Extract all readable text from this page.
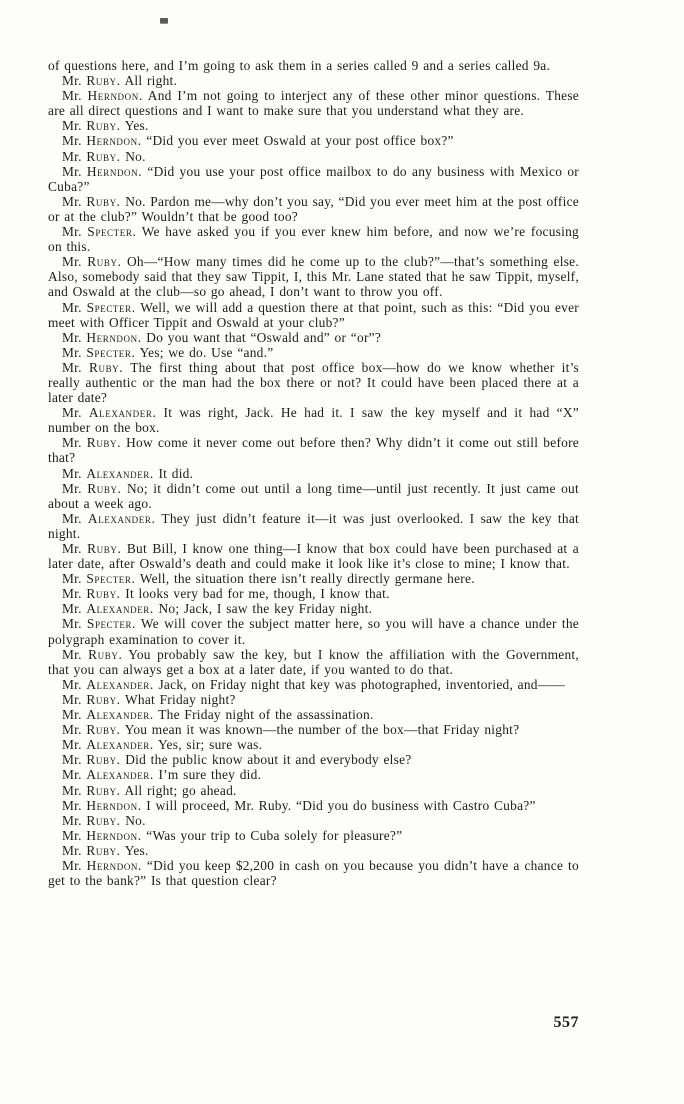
of questions here, and I’m going to ask them in a series called 9 and a series called 9a.

Mr. Ruby. All right.

Mr. Herndon. And I’m not going to interject any of these other minor questions. These are all direct questions and I want to make sure that you understand what they are.

Mr. Ruby. Yes.

Mr. Herndon. “Did you ever meet Oswald at your post office box?”

Mr. Ruby. No.

Mr. Herndon. “Did you use your post office mailbox to do any business with Mexico or Cuba?”

Mr. Ruby. No. Pardon me—why don’t you say, “Did you ever meet him at the post office or at the club?” Wouldn’t that be good too?

Mr. Specter. We have asked you if you ever knew him before, and now we’re focusing on this.

Mr. Ruby. Oh—“How many times did he come up to the club?”—that’s something else. Also, somebody said that they saw Tippit, I, this Mr. Lane stated that he saw Tippit, myself, and Oswald at the club—so go ahead, I don’t want to throw you off.

Mr. Specter. Well, we will add a question there at that point, such as this: “Did you ever meet with Officer Tippit and Oswald at your club?”

Mr. Herndon. Do you want that “Oswald and” or “or”?

Mr. Specter. Yes; we do. Use “and.”

Mr. Ruby. The first thing about that post office box—how do we know whether it’s really authentic or the man had the box there or not? It could have been placed there at a later date?

Mr. Alexander. It was right, Jack. He had it. I saw the key myself and it had “X” number on the box.

Mr. Ruby. How come it never come out before then? Why didn’t it come out still before that?

Mr. Alexander. It did.

Mr. Ruby. No; it didn’t come out until a long time—until just recently. It just came out about a week ago.

Mr. Alexander. They just didn’t feature it—it was just overlooked. I saw the key that night.

Mr. Ruby. But Bill, I know one thing—I know that box could have been purchased at a later date, after Oswald’s death and could make it look like it’s close to mine; I know that.

Mr. Specter. Well, the situation there isn’t really directly germane here.

Mr. Ruby. It looks very bad for me, though, I know that.

Mr. Alexander. No; Jack, I saw the key Friday night.

Mr. Specter. We will cover the subject matter here, so you will have a chance under the polygraph examination to cover it.

Mr. Ruby. You probably saw the key, but I know the affiliation with the Government, that you can always get a box at a later date, if you wanted to do that.

Mr. Alexander. Jack, on Friday night that key was photographed, inventoried, and——

Mr. Ruby. What Friday night?

Mr. Alexander. The Friday night of the assassination.

Mr. Ruby. You mean it was known—the number of the box—that Friday night?

Mr. Alexander. Yes, sir; sure was.

Mr. Ruby. Did the public know about it and everybody else?

Mr. Alexander. I’m sure they did.

Mr. Ruby. All right; go ahead.

Mr. Herndon. I will proceed, Mr. Ruby. “Did you do business with Castro Cuba?”

Mr. Ruby. No.

Mr. Herndon. “Was your trip to Cuba solely for pleasure?”

Mr. Ruby. Yes.

Mr. Herndon. “Did you keep $2,200 in cash on you because you didn’t have a chance to get to the bank?” Is that question clear?

557
